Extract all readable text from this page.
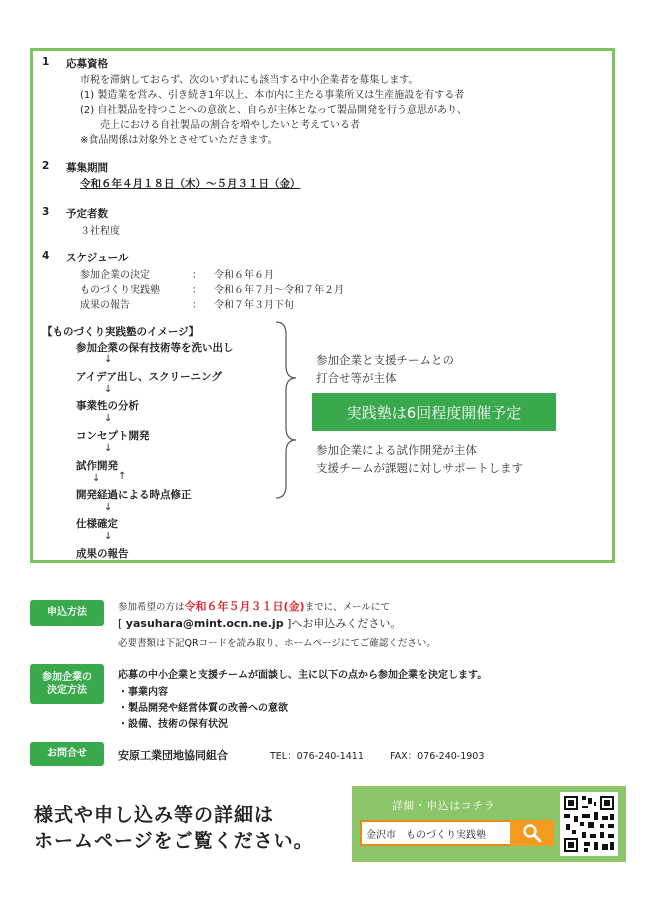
1 応募資格
市税を滞納しておらず、次のいずれにも該当する中小企業者を募集します。
(1) 製造業を営み、引き続き1年以上、本市内に主たる事業所又は生産施設を有する者
(2) 自社製品を持つことへの意欲と、自らが主体となって製品開発を行う意思があり、
　　売上における自社製品の割合を増やしたいと考えている者
※食品関係は対象外とさせていただきます。
2 募集期間
令和６年４月１８日（木）～５月３１日（金）
3 予定者数
３社程度
4 スケジュール
参加企業の決定	： 令和６年６月
ものづくり実践塾	： 令和６年７月～令和７年２月
成果の報告	： 令和７年３月下旬
【ものづくり実践塾のイメージ】
参加企業の保有技術等を洗い出し
↓
アイデア出し、スクリーニング
↓
事業性の分析
↓
コンセプト開発
↓
試作開発
↓ ↑
開発経過による時点修正
↓
仕様確定
↓
成果の報告
参加企業と支援チームとの
打合せ等が主体
実践塾は6回程度開催予定
参加企業による試作開発が主体
支援チームが課題に対しサポートします
申込方法	参加希望の方は令和６年５月３１日(金)までに、メールにて
[ yasuhara@mint.ocn.ne.jp ]へお申込みください。
必要書類は下記QRコードを読み取り、ホームページにてご確認ください。
参加企業の
決定方法
応募の中小企業と支援チームが面談し、主に以下の点から参加企業を決定します。
・事業内容
・製品開発や経営体質の改善への意欲
・設備、技術の保有状況
お問合せ	安原工業団地協同組合	TEL：076-240-1411	FAX：076-240-1903
様式や申し込み等の詳細は
ホームページをご覧ください。
詳細・申込はコチラ
金沢市　ものづくり実践塾
